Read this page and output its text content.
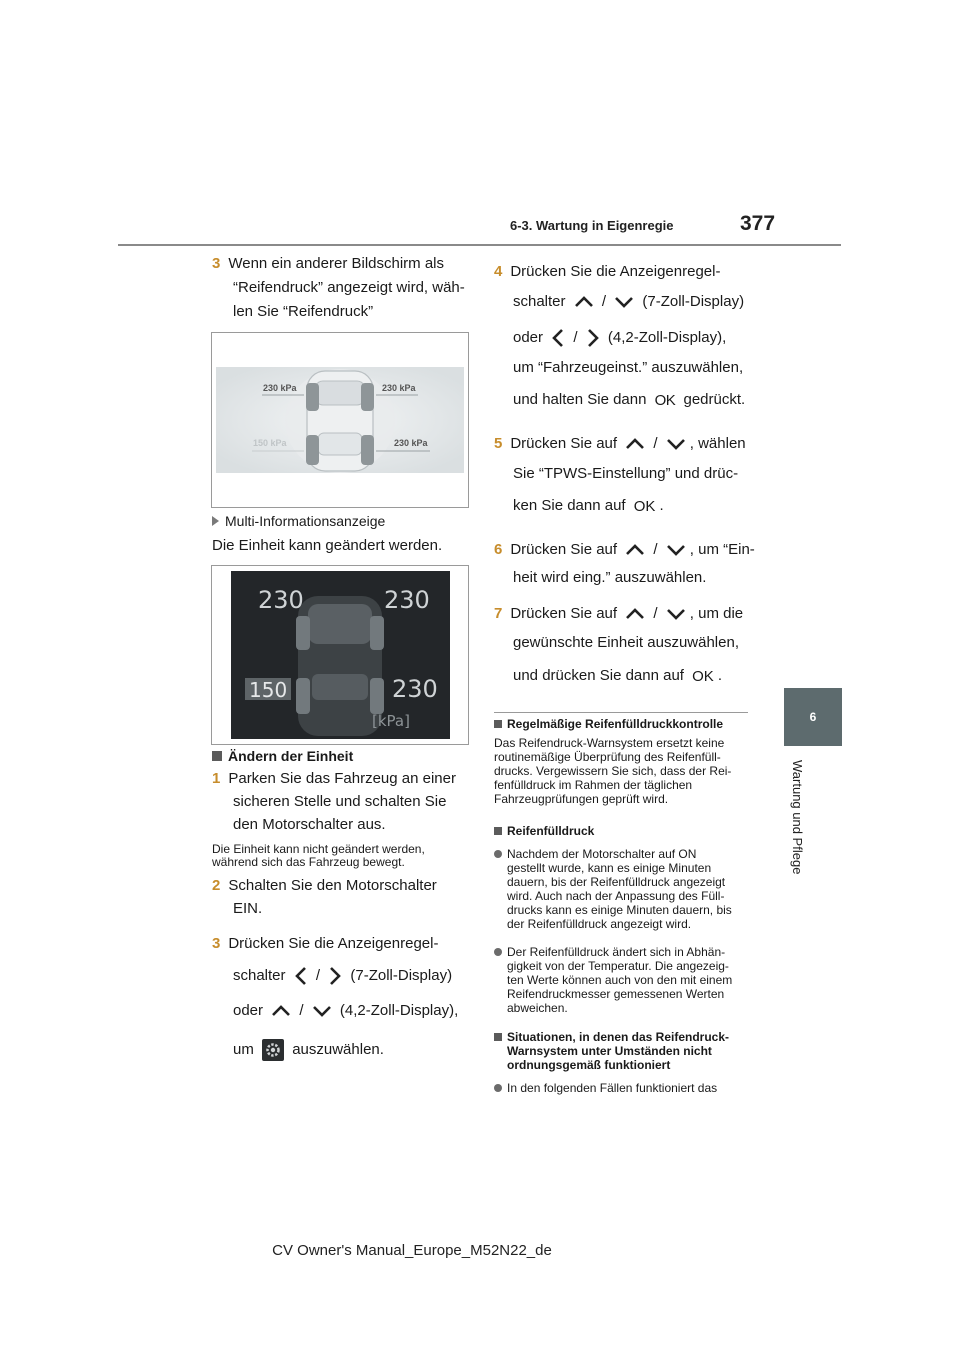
6-3. Wartung in Eigenregie	377
6
Wartung und Pflege
3 Wenn ein anderer Bildschirm als
“Reifendruck” angezeigt wird, wäh-
len Sie “Reifendruck”
230 kPa	230 kPa
150 kPa	230 kPa
Multi-Informationsanzeige
Die Einheit kann geändert werden.
230	230
150	230
[kPa]
Ändern der Einheit
1 Parken Sie das Fahrzeug an einer
sicheren Stelle und schalten Sie
den Motorschalter aus.
Die Einheit kann nicht geändert werden,
während sich das Fahrzeug bewegt.
2 Schalten Sie den Motorschalter
EIN.
3 Drücken Sie die Anzeigenregel-
schalter / (7-Zoll-Display)
oder / (4,2-Zoll-Display),
um	auszuwählen.
4 Drücken Sie die Anzeigenregel-
schalter / (7-Zoll-Display)
oder / (4,2-Zoll-Display),
um “Fahrzeugeinst.” auszuwählen,
und halten Sie dann OK gedrückt.
5 Drücken Sie auf / , wählen
Sie “TPWS-Einstellung” und drüc-
ken Sie dann auf OK .
6 Drücken Sie auf / , um “Ein-
heit wird eing.” auszuwählen.
7 Drücken Sie auf / , um die
gewünschte Einheit auszuwählen,
und drücken Sie dann auf OK .
Regelmäßige Reifenfülldruckkontrolle
Das Reifendruck-Warnsystem ersetzt keine
routinemäßige Überprüfung des Reifenfüll-
drucks. Vergewissern Sie sich, dass der Rei-
fenfülldruck im Rahmen der täglichen
Fahrzeugprüfungen geprüft wird.
Reifenfülldruck
Nachdem der Motorschalter auf ON
gestellt wurde, kann es einige Minuten
dauern, bis der Reifenfülldruck angezeigt
wird. Auch nach der Anpassung des Füll-
drucks kann es einige Minuten dauern, bis
der Reifenfülldruck angezeigt wird.
Der Reifenfülldruck ändert sich in Abhän-
gigkeit von der Temperatur. Die angezeig-
ten Werte können auch von den mit einem
Reifendruckmesser gemessenen Werten
abweichen.
Situationen, in denen das Reifendruck-
Warnsystem unter Umständen nicht
ordnungsgemäß funktioniert
In den folgenden Fällen funktioniert das
CV Owner's Manual_Europe_M52N22_de
